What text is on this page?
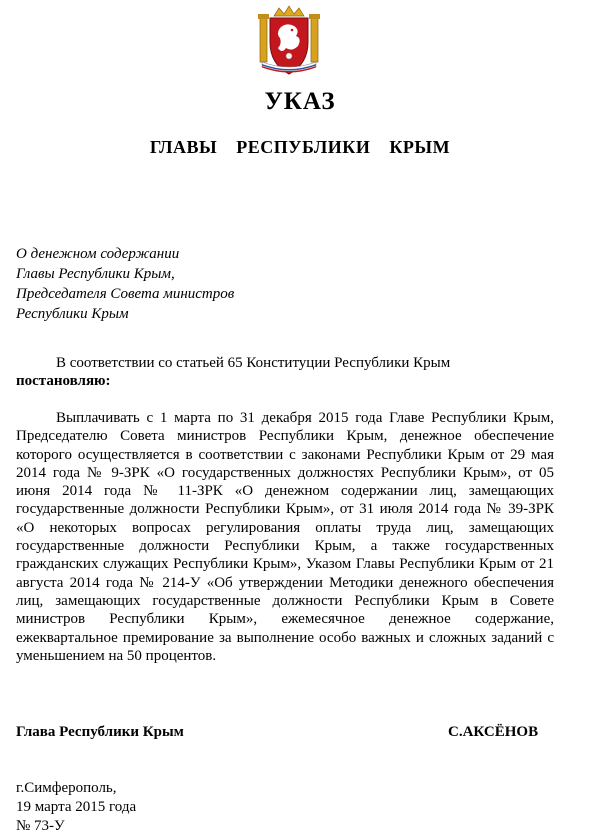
УКАЗ
ГЛАВЫ РЕСПУБЛИКИ КРЫМ
О денежном содержании
Главы Республики Крым,
Председателя Совета министров
Республики Крым

В соответствии со статьей 65 Конституции Республики Крым
постановляю:

Выплачивать с 1 марта по 31 декабря 2015 года Главе Республики Крым, Председателю Совета министров Республики Крым, денежное обеспечение которого осуществляется в соответствии с законами Республики Крым от 29 мая 2014 года № 9-ЗРК «О государственных должностях Республики Крым», от 05 июня 2014 года № 11-ЗРК «О денежном содержании лиц, замещающих государственные должности Республики Крым», от 31 июля 2014 года № 39-ЗРК «О некоторых вопросах регулирования оплаты труда лиц, замещающих государственные должности Республики Крым, а также государственных гражданских служащих Республики Крым», Указом Главы Республики Крым от 21 августа 2014 года № 214-У «Об утверждении Методики денежного обеспечения лиц, замещающих государственные должности Республики Крым в Совете министров Республики Крым», ежемесячное денежное содержание, ежеквартальное премирование за выполнение особо важных и сложных заданий с уменьшением на 50 процентов.

Глава Республики Крым	С.АКСЁНОВ
г.Симферополь,
19 марта 2015 года
№ 73-У
